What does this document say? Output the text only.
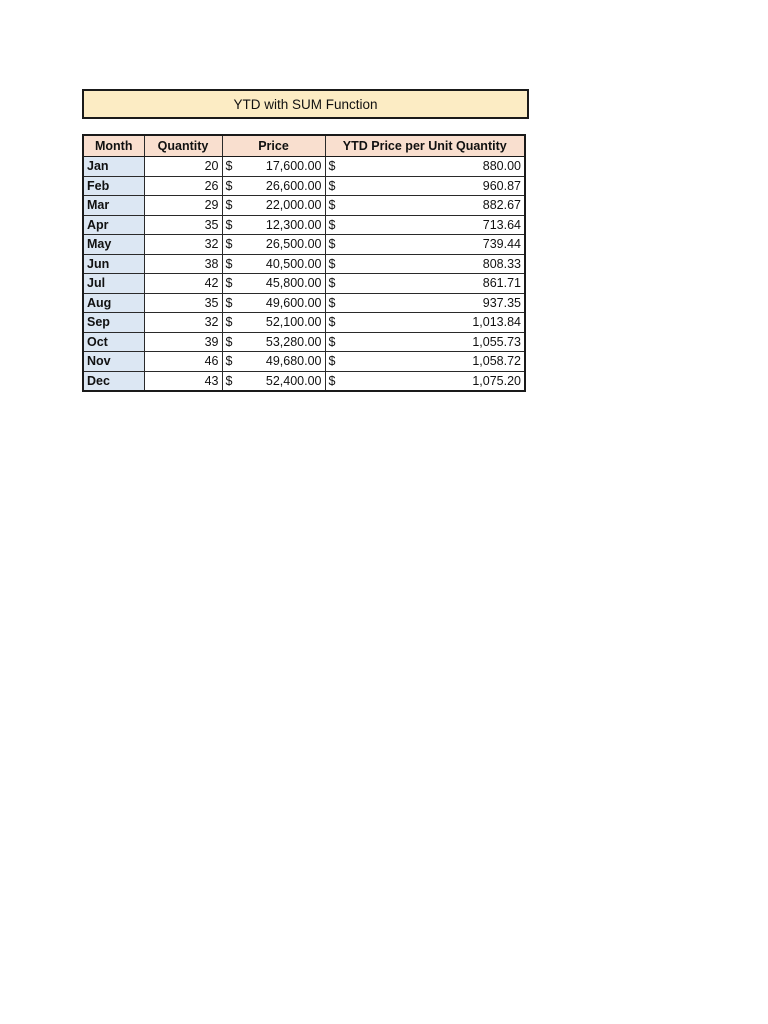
YTD with SUM Function
Month	Quantity	Price	YTD Price per Unit Quantity
Jan	20	$ 17,600.00	$ 880.00

Feb	26	$ 26,600.00	$ 960.87

Mar	29	$ 22,000.00	$ 882.67

Apr	35	$ 12,300.00	$ 713.64

May	32	$ 26,500.00	$ 739.44

Jun	38	$ 40,500.00	$ 808.33

Jul	42	$ 45,800.00	$ 861.71

Aug	35	$ 49,600.00	$ 937.35

Sep	32	$ 52,100.00	$ 1,013.84

Oct	39	$ 53,280.00	$ 1,055.73

Nov	46	$ 49,680.00	$ 1,058.72

Dec	43	$ 52,400.00	$ 1,075.20
